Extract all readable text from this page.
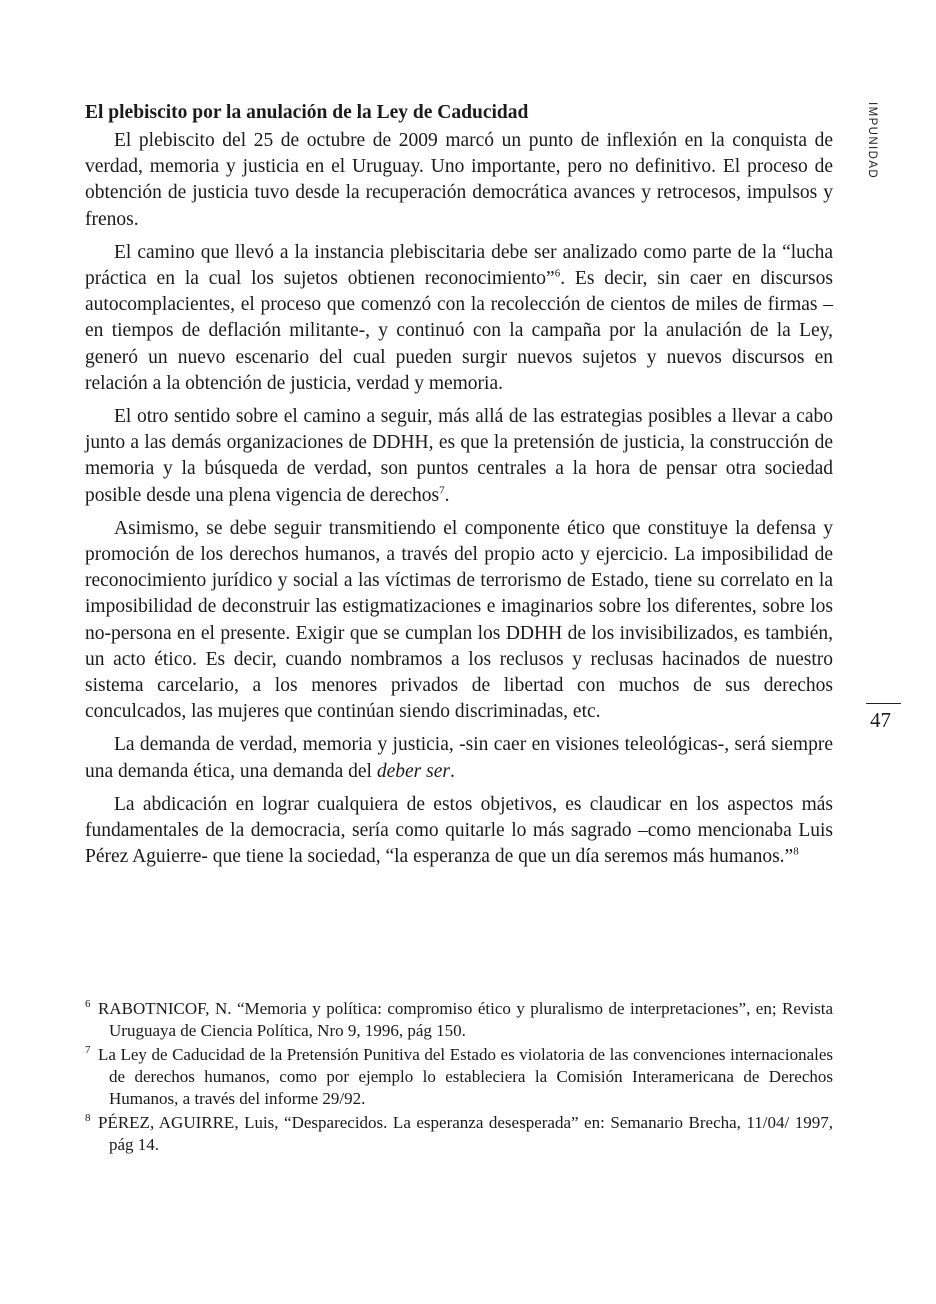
IMPUNIDAD
47
El plebiscito por la anulación de la Ley de Caducidad

El plebiscito del 25 de octubre de 2009 marcó un punto de inflexión en la conquista de verdad, memoria y justicia en el Uruguay. Uno importante, pero no definitivo. El proceso de obtención de justicia tuvo desde la recuperación democrática avances y retrocesos, impulsos y frenos.

El camino que llevó a la instancia plebiscitaria debe ser analizado como parte de la “lucha práctica en la cual los sujetos obtienen reconocimiento”$^6$. Es decir, sin caer en discursos autocomplacientes, el proceso que comenzó con la recolección de cientos de miles de firmas –en tiempos de deflación militante-, y continuó con la campaña por la anulación de la Ley, generó un nuevo escenario del cual pueden surgir nuevos sujetos y nuevos discursos en relación a la obtención de justicia, verdad y memoria.

El otro sentido sobre el camino a seguir, más allá de las estrategias posibles a llevar a cabo junto a las demás organizaciones de DDHH, es que la pretensión de justicia, la construcción de memoria y la búsqueda de verdad, son puntos centrales a la hora de pensar otra sociedad posible desde una plena vigencia de derechos$^7$.

Asimismo, se debe seguir transmitiendo el componente ético que constituye la defensa y promoción de los derechos humanos, a través del propio acto y ejercicio. La imposibilidad de reconocimiento jurídico y social a las víctimas de terrorismo de Estado, tiene su correlato en la imposibilidad de deconstruir las estigmatizaciones e imaginarios sobre los diferentes, sobre los no-persona en el presente. Exigir que se cumplan los DDHH de los invisibilizados, es también, un acto ético. Es decir, cuando nombramos a los reclusos y reclusas hacinados de nuestro sistema carcelario, a los menores privados de libertad con muchos de sus derechos conculcados, las mujeres que continúan siendo discriminadas, etc.

La demanda de verdad, memoria y justicia, -sin caer en visiones teleológicas-, será siempre una demanda ética, una demanda del deber ser.

La abdicación en lograr cualquiera de estos objetivos, es claudicar en los aspectos más fundamentales de la democracia, sería como quitarle lo más sagrado –como mencionaba Luis Pérez Aguierre- que tiene la sociedad, “la esperanza de que un día seremos más humanos.”$^8$

6 RABOTNICOF, N. “Memoria y política: compromiso ético y pluralismo de interpretaciones”, en; Revista Uruguaya de Ciencia Política, Nro 9, 1996, pág 150.

7 La Ley de Caducidad de la Pretensión Punitiva del Estado es violatoria de las convenciones internacionales de derechos humanos, como por ejemplo lo estableciera la Comisión Interamericana de Derechos Humanos, a través del informe 29/92.

8 PÉREZ, AGUIRRE, Luis, “Desparecidos. La esperanza desesperada” en: Semanario Brecha, 11/04/ 1997, pág 14.
